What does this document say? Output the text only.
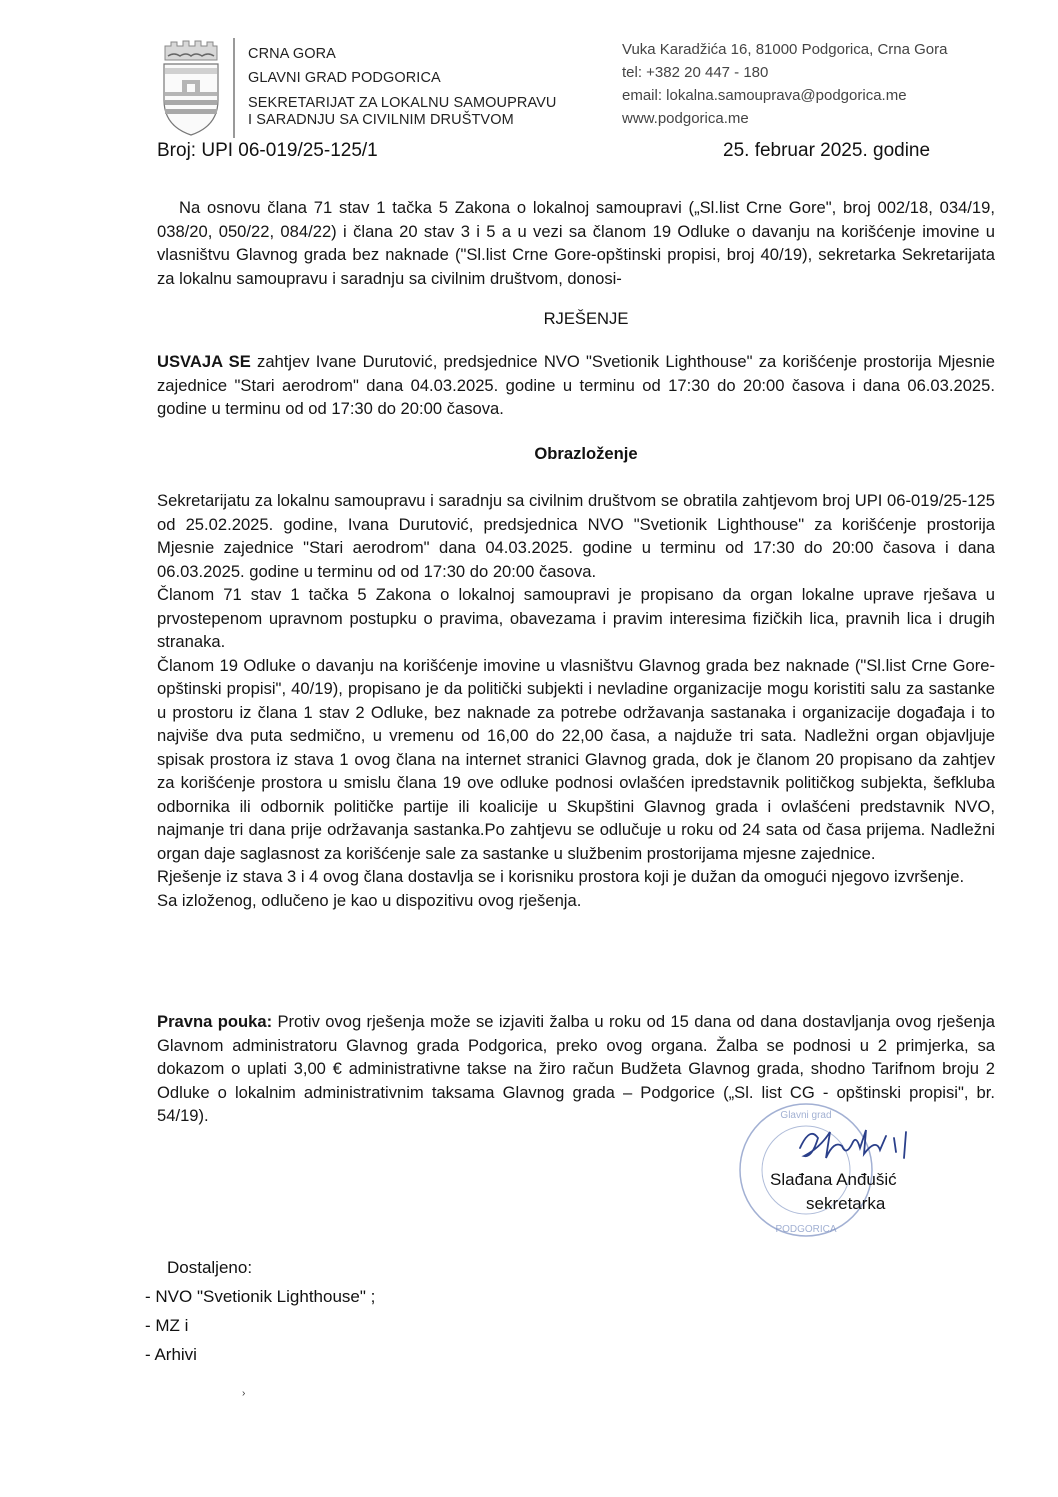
CRNA GORA
GLAVNI GRAD PODGORICA
SEKRETARIJAT ZA LOKALNU SAMOUPRAVU
I SARADNJU SA CIVILNIM DRUŠTVOM
Vuka Karadžića 16, 81000 Podgorica, Crna Gora
tel: +382 20 447 - 180
email: lokalna.samouprava@podgorica.me
www.podgorica.me
Broj: UPI 06-019/25-125/1	25. februar 2025. godine

Na osnovu člana 71 stav 1 tačka 5 Zakona o lokalnoj samoupravi („Sl.list Crne Gore", broj 002/18, 034/19, 038/20, 050/22, 084/22) i člana 20 stav 3 i 5 a u vezi sa članom 19 Odluke o davanju na korišćenje imovine u vlasništvu Glavnog grada bez naknade ("Sl.list Crne Gore-opštinski propisi, broj 40/19), sekretarka Sekretarijata za lokalnu samoupravu i saradnju sa civilnim društvom, donosi-

RJEŠENJE

USVAJA SE zahtjev Ivane Durutović, predsjednice NVO "Svetionik Lighthouse" za korišćenje prostorija Mjesnie zajednice "Stari aerodrom" dana 04.03.2025. godine u terminu od 17:30 do 20:00 časova i dana 06.03.2025. godine u terminu od od 17:30 do 20:00 časova.

Obrazloženje

Sekretarijatu za lokalnu samoupravu i saradnju sa civilnim društvom se obratila zahtjevom broj UPI 06-019/25-125 od 25.02.2025. godine, Ivana Durutović, predsjednica NVO "Svetionik Lighthouse" za korišćenje prostorija Mjesnie zajednice "Stari aerodrom" dana 04.03.2025. godine u terminu od 17:30 do 20:00 časova i dana 06.03.2025. godine u terminu od od 17:30 do 20:00 časova.

Članom 71 stav 1 tačka 5 Zakona o lokalnoj samoupravi je propisano da organ lokalne uprave rješava u prvostepenom upravnom postupku o pravima, obavezama i pravim interesima fizičkih lica, pravnih lica i drugih stranaka.

Članom 19 Odluke o davanju na korišćenje imovine u vlasništvu Glavnog grada bez naknade ("Sl.list Crne Gore-opštinski propisi", 40/19), propisano je da politički subjekti i nevladine organizacije mogu koristiti salu za sastanke u prostoru iz člana 1 stav 2 Odluke, bez naknade za potrebe održavanja sastanaka i organizacije događaja i to najviše dva puta sedmično, u vremenu od 16,00 do 22,00 časa, a najduže tri sata. Nadležni organ objavljuje spisak prostora iz stava 1 ovog člana na internet stranici Glavnog grada, dok je članom 20 propisano da zahtjev za korišćenje prostora u smislu člana 19 ove odluke podnosi ovlašćen ipredstavnik političkog subjekta, šefkluba odbornika ili odbornik političke partije ili koalicije u Skupštini Glavnog grada i ovlašćeni predstavnik NVO, najmanje tri dana prije održavanja sastanka.Po zahtjevu se odlučuje u roku od 24 sata od časa prijema. Nadležni organ daje saglasnost za korišćenje sale za sastanke u službenim prostorijama mjesne zajednice.

Rješenje iz stava 3 i 4 ovog člana dostavlja se i korisniku prostora koji je dužan da omogući njegovo izvršenje.

Sa izloženog, odlučeno je kao u dispozitivu ovog rješenja.

Pravna pouka: Protiv ovog rješenja može se izjaviti žalba u roku od 15 dana od dana dostavljanja ovog rješenja Glavnom administratoru Glavnog grada Podgorica, preko ovog organa. Žalba se podnosi u 2 primjerka, sa dokazom o uplati 3,00 € administrativne takse na žiro račun Budžeta Glavnog grada, shodno Tarifnom broju 2 Odluke o lokalnim administrativnim taksama Glavnog grada – Podgorice („Sl. list CG - opštinski propisi", br. 54/19).	Glavni grad
PODGORICA
Slađana Anđušić
sekretarka
Dostaljeno:
- NVO "Svetionik Lighthouse" ;
- MZ i
- Arhivi
›
